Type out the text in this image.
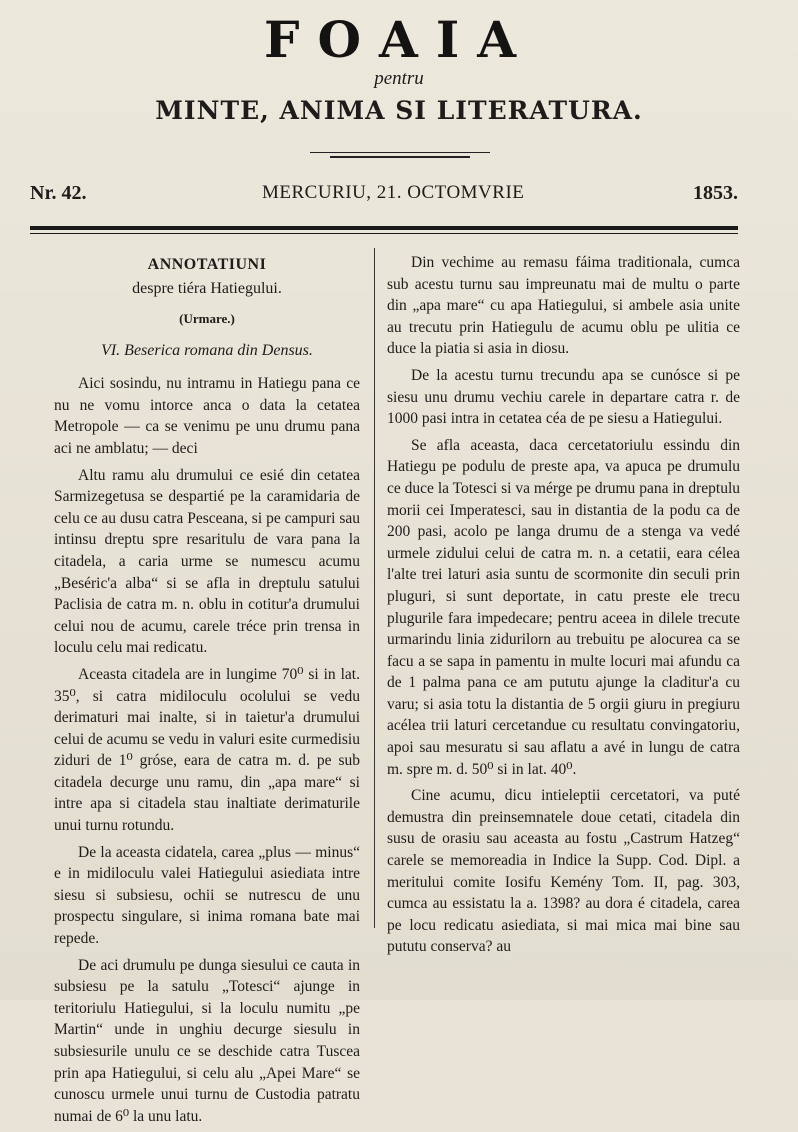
FOAIA
pentru
MINTE, ANIMA SI LITERATURA.
Nr. 42.	MERCURIU, 21. OCTOMVRIE	1853.
ANNOTATIUNI
despre tiéra Hatiegului.
(Urmare.)
VI. Beserica romana din Densus.

Aici sosindu, nu intramu in Hatiegu pana ce nu ne vomu intorce anca o data la cetatea Metropole — ca se venimu pe unu drumu pana aci ne amblatu; — deci

Altu ramu alu drumului ce esié din cetatea Sarmizegetusa se despartié pe la caramidaria de celu ce au dusu catra Pesceana, si pe campuri sau intinsu dreptu spre resaritulu de vara pana la citadela, a caria urme se numescu acumu „Beséric'a alba“ si se afla in dreptulu satului Paclisia de catra m. n. oblu in cotitur'a drumului celui nou de acumu, carele tréce prin trensa in loculu celu mai redicatu.

Aceasta citadela are in lungime 70⁰ si in lat. 35⁰, si catra midiloculu ocolului se vedu derimaturi mai inalte, si in taietur'a drumului celui de acumu se vedu in valuri esite curmedisiu ziduri de 1⁰ gróse, eara de catra m. d. pe sub citadela decurge unu ramu, din „apa mare“ si intre apa si citadela stau inaltiate derimaturile unui turnu rotundu.

De la aceasta cidatela, carea „plus — minus“ e in midiloculu valei Hatiegului asiediata intre siesu si subsiesu, ochii se nutrescu de unu prospectu singulare, si inima romana bate mai repede.

De aci drumulu pe dunga siesului ce cauta in subsiesu pe la satulu „Totesci“ ajunge in teritoriulu Hatiegului, si la loculu numitu „pe Martin“ unde in unghiu decurge siesulu in subsiesurile unulu ce se deschide catra Tuscea prin apa Hatiegului, si celu alu „Apei Mare“ se cunoscu urmele unui turnu de Custodia patratu numai de 6⁰ la unu latu.

Din vechime au remasu fáima traditionala, cumca sub acestu turnu sau impreunatu mai de multu o parte din „apa mare“ cu apa Hatiegului, si ambele asia unite au trecutu prin Hatiegulu de acumu oblu pe ulitia ce duce la piatia si asia in diosu.

De la acestu turnu trecundu apa se cunósce si pe siesu unu drumu vechiu carele in departare catra r. de 1000 pasi intra in cetatea céa de pe siesu a Hatiegului.

Se afla aceasta, daca cercetatoriulu essindu din Hatiegu pe podulu de preste apa, va apuca pe drumulu ce duce la Totesci si va mérge pe drumu pana in dreptulu morii cei Imperatesci, sau in distantia de la podu ca de 200 pasi, acolo pe langa drumu de a stenga va vedé urmele zidului celui de catra m. n. a cetatii, eara célea l'alte trei laturi asia suntu de scormonite din seculi prin pluguri, si sunt deportate, in catu preste ele trecu plugurile fara impedecare; pentru aceea in dilele trecute urmarindu linia zidurilorn au trebuitu pe alocurea ca se facu a se sapa in pamentu in multe locuri mai afundu ca de 1 palma pana ce am pututu ajunge la claditur'a cu varu; si asia totu la distantia de 5 orgii giuru in pregiuru acélea trii laturi cercetandue cu resultatu convingatoriu, apoi sau mesuratu si sau aflatu a avé in lungu de catra m. spre m. d. 50⁰ si in lat. 40⁰.

Cine acumu, dicu intieleptii cercetatori, va puté demustra din preinsemnatele doue cetati, citadela din susu de orasiu sau aceasta au fostu „Castrum Hatzeg“ carele se memoreadia in Indice la Supp. Cod. Dipl. a meritului comite Iosifu Kemény Tom. II, pag. 303, cumca au essistatu la a. 1398? au dora é citadela, carea pe locu redicatu asiediata, si mai mica mai bine sau pututu conserva? au
